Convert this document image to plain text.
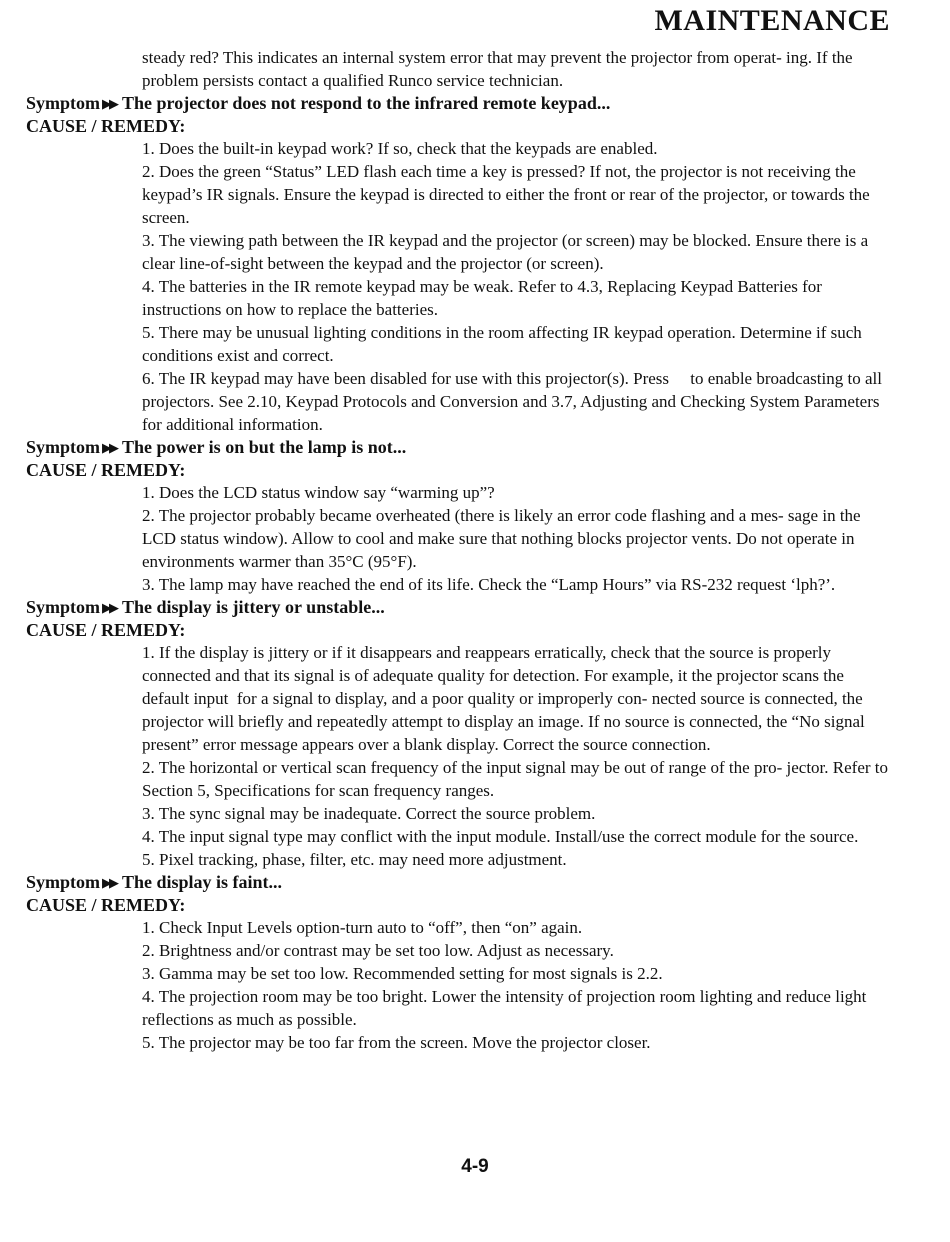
MAINTENANCE
steady red? This indicates an internal system error that may prevent the projector from operat- ing. If the problem persists contact a qualified Runco service technician.
Symptom ▶▶ The projector does not respond to the infrared remote keypad...
CAUSE / REMEDY:
1. Does the built-in keypad work? If so, check that the keypads are enabled.
2. Does the green “Status” LED flash each time a key is pressed? If not, the projector is not receiving the keypad’s IR signals. Ensure the keypad is directed to either the front or rear of the projector, or towards the screen.
3. The viewing path between the IR keypad and the projector (or screen) may be blocked. Ensure there is a clear line-of-sight between the keypad and the projector (or screen).
4. The batteries in the IR remote keypad may be weak. Refer to 4.3, Replacing Keypad Batteries for instructions on how to replace the batteries.
5. There may be unusual lighting conditions in the room affecting IR keypad operation. Determine if such conditions exist and correct.
6. The IR keypad may have been disabled for use with this projector(s). Press     to enable broadcasting to all projectors. See 2.10, Keypad Protocols and Conversion and 3.7, Adjusting and Checking System Parameters for additional information.
Symptom ▶▶ The power is on but the lamp is not...
CAUSE / REMEDY:
1. Does the LCD status window say “warming up”?
2. The projector probably became overheated (there is likely an error code flashing and a mes- sage in the LCD status window). Allow to cool and make sure that nothing blocks projector vents. Do not operate in environments warmer than 35°C (95°F).
3. The lamp may have reached the end of its life. Check the “Lamp Hours” via RS-232 request ‘lph?’.
Symptom ▶▶ The display is jittery or unstable...
CAUSE / REMEDY:
1. If the display is jittery or if it disappears and reappears erratically, check that the source is properly connected and that its signal is of adequate quality for detection. For example, it the projector scans the default input  for a signal to display, and a poor quality or improperly con- nected source is connected, the projector will briefly and repeatedly attempt to display an image. If no source is connected, the “No signal present” error message appears over a blank display. Correct the source connection.
2. The horizontal or vertical scan frequency of the input signal may be out of range of the pro- jector. Refer to Section 5, Specifications for scan frequency ranges.
3. The sync signal may be inadequate. Correct the source problem.
4. The input signal type may conflict with the input module. Install/use the correct module for the source.
5. Pixel tracking, phase, filter, etc. may need more adjustment.
Symptom ▶▶ The display is faint...
CAUSE / REMEDY:
1. Check Input Levels option-turn auto to “off”, then “on” again.
2. Brightness and/or contrast may be set too low. Adjust as necessary.
3. Gamma may be set too low. Recommended setting for most signals is 2.2.
4. The projection room may be too bright. Lower the intensity of projection room lighting and reduce light reflections as much as possible.
5. The projector may be too far from the screen. Move the projector closer.
4-9
